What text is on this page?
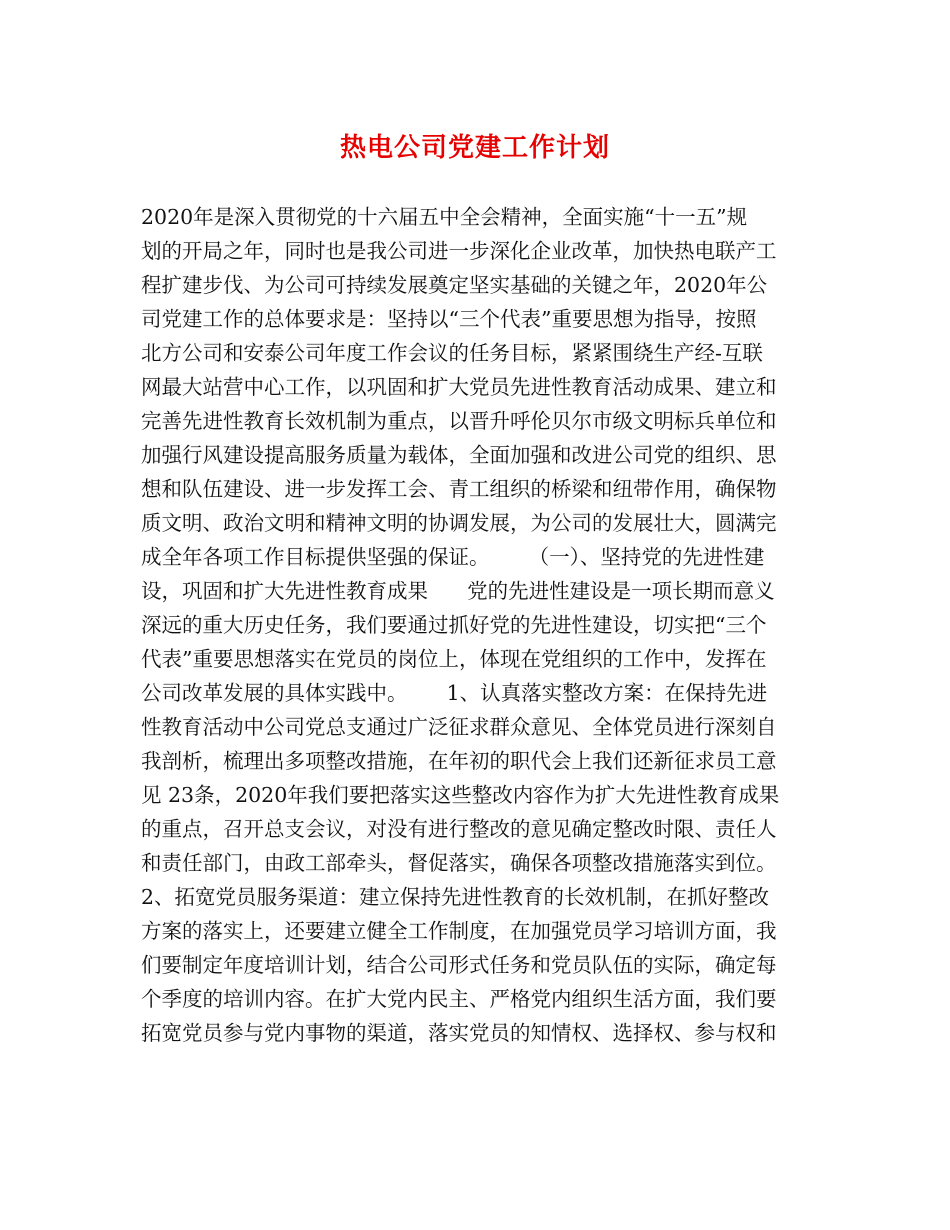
热电公司党建工作计划
2020年是深入贯彻党的十六届五中全会精神，全面实施“十一五”规
划的开局之年，同时也是我公司进一步深化企业改革，加快热电联产工
程扩建步伐、为公司可持续发展奠定坚实基础的关键之年，2020年公
司党建工作的总体要求是：坚持以“三个代表”重要思想为指导，按照
北方公司和安泰公司年度工作会议的任务目标，紧紧围绕生产经-互联
网最大站营中心工作，以巩固和扩大党员先进性教育活动成果、建立和
完善先进性教育长效机制为重点，以晋升呼伦贝尔市级文明标兵单位和
加强行风建设提高服务质量为载体，全面加强和改进公司党的组织、思
想和队伍建设、进一步发挥工会、青工组织的桥梁和纽带作用，确保物
质文明、政治文明和精神文明的协调发展，为公司的发展壮大，圆满完
成全年各项工作目标提供坚强的保证。      （一）、坚持党的先进性建
设，巩固和扩大先进性教育成果      党的先进性建设是一项长期而意义
深远的重大历史任务，我们要通过抓好党的先进性建设，切实把“三个
代表”重要思想落实在党员的岗位上，体现在党组织的工作中，发挥在
公司改革发展的具体实践中。      1、认真落实整改方案：在保持先进
性教育活动中公司党总支通过广泛征求群众意见、全体党员进行深刻自
我剖析，梳理出多项整改措施，在年初的职代会上我们还新征求员工意
见 23条，2020年我们要把落实这些整改内容作为扩大先进性教育成果
的重点，召开总支会议，对没有进行整改的意见确定整改时限、责任人
和责任部门，由政工部牵头，督促落实，确保各项整改措施落实到位。
2、拓宽党员服务渠道：建立保持先进性教育的长效机制，在抓好整改
方案的落实上，还要建立健全工作制度，在加强党员学习培训方面，我
们要制定年度培训计划，结合公司形式任务和党员队伍的实际，确定每
个季度的培训内容。在扩大党内民主、严格党内组织生活方面，我们要
拓宽党员参与党内事物的渠道，落实党员的知情权、选择权、参与权和
